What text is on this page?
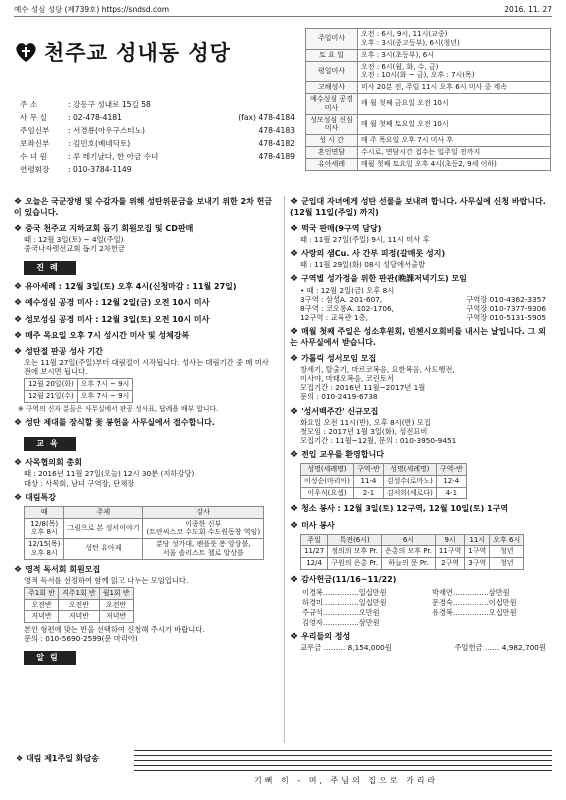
예수 성심 성당 (제739호) https://sndsd.com	2016. 11. 27
천주교 성내동 성당
주 소	: 강동구 성내로 15길 58
사 무 실	: 02-478-4181	(fax) 478-4184
주임신부	: 서경룡(아우구스티노)	478-4183
보좌신부	: 김민호(베네딕토)	478-4182
수 녀 원	: 루 레기날다, 한 아금 수녀	478-4189
연령회장	: 010-3784-1149
주일미사	오전 : 6시, 9시, 11시(교중)
오후 : 3시(중고등부), 6시(청년)
토 요 일	오후 : 3시(초등부), 6시
평일미사	오전 : 6시(월, 화, 수, 금)
오전 : 10시(화 ~ 금), 오후 : 7시(목)
고해성사	미사 20분 전, 주일 11시 오후 6시 미사 중 계속
예수성심 공경미사	매 월 첫째 금요일 오전 10시
성모성심 신심미사	매 월 첫째 토요일 오전 10시
성 시 간	매 주 목요일 오후 7시 미사 후
혼인면담	수시로, 면담시간 접수는 일주일 전까지
유아세례	매월 첫째 토요일 오후 4시(초등2, 9세 이하)
❖ 오늘은 국군장병 및 수감자를 위해 성탄위문금을 보내기 위한 2차 헌금이 있습니다.
❖ 중국 천주교 지하교회 돕기 회원모집 및 CD판매
때 : 12월 3일(토) ~ 4일(주일)
중국나자렛선교회 돕기 2차헌금
진례
❖ 유아세례 : 12월 3일(토) 오후 4시(신청마감 : 11월 27일)
❖ 예수성심 공경 미사 : 12월 2일(금) 오전 10시 미사
❖ 성모성심 공경 미사 : 12월 3일(토) 오전 10시 미사
❖ 매주 목요일 오후 7시 성시간 미사 및 성체강복
❖ 성탄절 판공 성사 기간
오는 11월 27일(주일)부터 대림절이 시작됩니다. 성사는 대림기간 중 매 미사 전에 보시면 됩니다.
12월 20일(화)	오후 7시 ~ 9시
12월 21일(수)	오후 7시 ~ 9시
※ 구역의 신자 분들은 사무실에서 판공 성사표, 답례을 배부 합니다.
❖ 성탄 제대를 장식할 꽃 봉헌을 사무실에서 접수합니다.
교육
❖ 사목협의회 총회
때 : 2016년 11월 27일(오늘) 12시 30분 (지하강당)
대상 : 사목회, 남녀 구역장, 단체장
❖ 대림특강
때	주제	강사
12/8(목)
오후 8시	그림으로 본 성서이야기	이종한 신부
(트란씨스코 수도회 수도원동창 역임)
12/15(목)
오후 8시	성탄 유아제	분당 성가대, 팬플룻 봉 앙상블,
서울 솔리스트 첼로 앙상블
❖ 영적 독서회 회원모집
영적 독서를 선정하여 함께 읽고 나누는 모임입니다.
주1회 반	격주1회 반	월1회 반
오전반	오전반	오전반
저녁반	저녁반	저녁반
본인 형편에 맞는 반을 선택하여 신청해 주시기 바랍니다.
문의 : 010-5690-2599(문 마리아)
알림
❖ 군입대 자녀에게 성탄 선물을 보내려 합니다. 사무실에 신청 바랍니다. (12월 11일(주일) 까지)
❖ 떡국 판매(9구역 담당)
때 : 11월 27일(주일) 9시, 11시 미사 후
❖ 사랑의 샘Cu. 사 간부 피정(갈매못 성지)
때 : 11월 29일(화) 08시 성당에서출발
❖ 구역별 성가정을 위한 판관(晩課저녁기도) 모임
• 때 : 12월 2일(금) 오후 8시
3구역 : 삼성A. 201-607,	구역장 010-4362-3357
8구역 : 코오롱A. 102-1706,	구역장 010-7377-9306
12구역 : 교육관 1층,	구역장 010-5131-5905
❖ 매월 첫째 주일은 성소후원회, 빈첸시오회비를 내시는 날입니다. 그 외는 사무실에서 받습니다.
❖ 가톨릭 성서모임 모집
창세기, 탈출기, 마르코복음, 요한복음, 사도행전,
이사야, 마태오복음, 코린토서
모집기간 : 2016년 11월~2017년 1월
문의 : 010-2419-6738
❖ '성서백주간' 신규모집
화요일 오전 11시(반), 오후 8시(반) 모집
첫모임 : 2017년 1월 3일(화), 성전묘비
모집기간 : 11월~12월, 문의 : 010-3950-9451
❖ 전입 교우를 환영합니다
성명(세례명)	구역-반	성명(세례명)	구역-반
이성순(마리아)	11-4	김성수(로마노)	12-4
이우식(요셉)	2-1	김서희(세로다)	4-1
❖ 청소 봉사 : 12월 3일(토) 12구역, 12월 10일(토) 1구역
❖ 미사 봉사
주일	특전(6시)	6시	9시	11시	오후 6시
11/27	정의의 모후 Pr.	은총의 모후 Pr.	11구역	1구역	청년
12/4	구원의 은총 Pr.	하늘의 문 Pr.	2구역	3구역	청년
❖ 감사헌금(11/16~11/22)
이경복……………일십만원	박재연……………삼만원
하경미……………일십만원	문경숙……………이십만원
주규석……………오만원	유경복……………오십만원
김영자……………삼만원
❖ 우리들의 정성
교무금 ……… 8,154,000원	주일헌금 …… 4,982,700원
❖ 대림 제1주일 화답송
기뻐 히 - 며, 주님의 집으로 가리라
